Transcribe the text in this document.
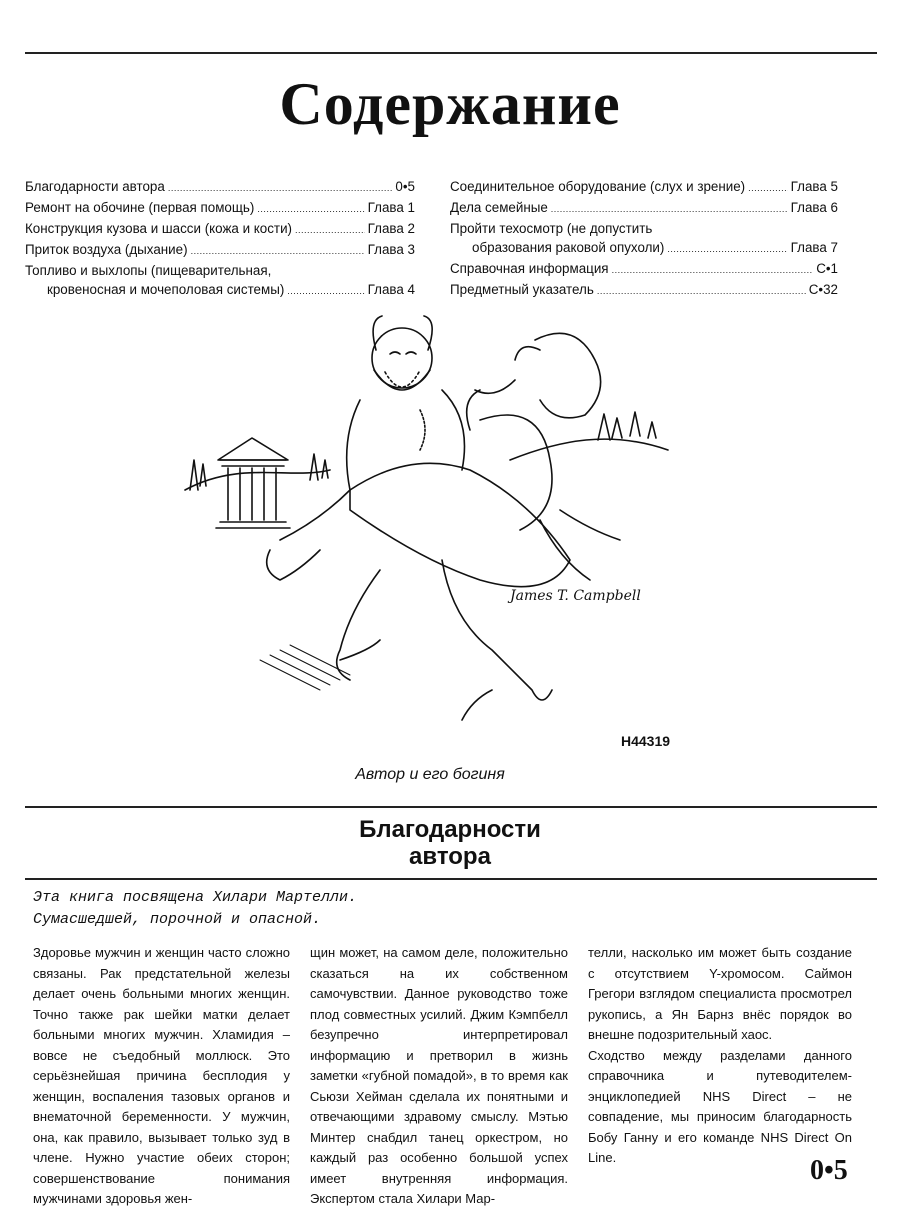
Содержание
Благодарности автора . . .	0•5
Ремонт на обочине (первая помощь) . . .	Глава 1
Конструкция кузова и шасси (кожа и кости) . . .	Глава 2
Приток воздуха (дыхание) . . .	Глава 3
Топливо и выхлопы (пищеварительная,
кровеносная и мочеполовая системы) . . .	Глава 4
Соединительное оборудование (слух и зрение) . . .	Глава 5
Дела семейные . . .	Глава 6
Пройти техосмотр (не допустить
образования раковой опухоли) . . .	Глава 7
Справочная информация . . .	С•1
Предметный указатель . . .	С•32
James T. Campbell
H44319
Автор и его богиня
Благодарности
автора
Эта книга посвящена Хилари Мартелли.
Сумасшедшей, порочной и опасной.

Здоровье мужчин и женщин часто сложно связаны. Рак предстательной железы делает очень больными многих женщин. Точно также рак шейки матки делает больными многих мужчин. Хламидия – вовсе не съедобный моллюск. Это серьёзнейшая причина бесплодия у женщин, воспаления тазовых органов и внематочной беременности. У мужчин, она, как правило, вызывает только зуд в члене. Нужно участие обеих сторон; совершенствование понимания мужчинами здоровья жен-

щин может, на самом деле, положительно сказаться на их собственном самочувствии. Данное руководство тоже плод совместных усилий. Джим Кэмпбелл безупречно интерпретировал информацию и претворил в жизнь заметки «губной помадой», в то время как Сьюзи Хейман сделала их понятными и отвечающими здравому смыслу. Мэтью Минтер снабдил танец оркестром, но каждый раз особенно большой успех имеет внутренняя информация. Экспертом стала Хилари Мар-

телли, насколько им может быть создание с отсутствием Y-хромосом. Саймон Грегори взглядом специалиста просмотрел рукопись, а Ян Барнз внёс порядок во внешне подозрительный хаос.

Сходство между разделами данного справочника и путеводителем-энциклопедией NHS Direct – не совпадение, мы приносим благодарность Бобу Ганну и его команде NHS Direct On Line.	0•5
